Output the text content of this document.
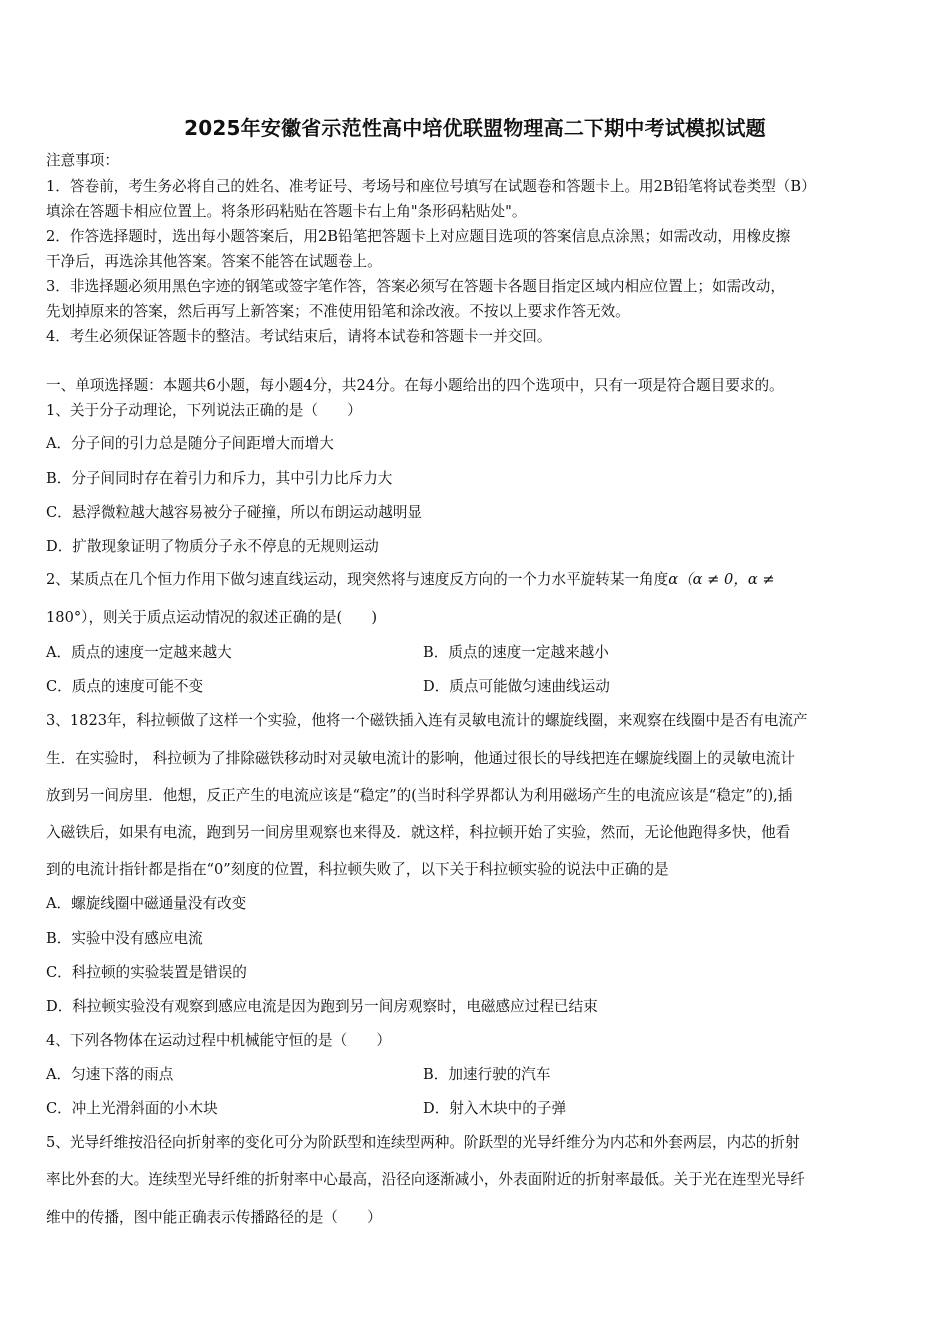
2025年安徽省示范性高中培优联盟物理高二下期中考试模拟试题
注意事项：
1．答卷前，考生务必将自己的姓名、准考证号、考场号和座位号填写在试题卷和答题卡上。用2B铅笔将试卷类型（B）
填涂在答题卡相应位置上。将条形码粘贴在答题卡右上角"条形码粘贴处"。
2．作答选择题时，选出每小题答案后，用2B铅笔把答题卡上对应题目选项的答案信息点涂黑；如需改动，用橡皮擦
干净后，再选涂其他答案。答案不能答在试题卷上。
3．非选择题必须用黑色字迹的钢笔或签字笔作答，答案必须写在答题卡各题目指定区域内相应位置上；如需改动，
先划掉原来的答案，然后再写上新答案；不准使用铅笔和涂改液。不按以上要求作答无效。
4．考生必须保证答题卡的整洁。考试结束后，请将本试卷和答题卡一并交回。
一、单项选择题：本题共6小题，每小题4分，共24分。在每小题给出的四个选项中，只有一项是符合题目要求的。
1、关于分子动理论，下列说法正确的是（　　）
A．分子间的引力总是随分子间距增大而增大
B．分子间同时存在着引力和斥力，其中引力比斥力大
C．悬浮微粒越大越容易被分子碰撞，所以布朗运动越明显
D．扩散现象证明了物质分子永不停息的无规则运动
2、某质点在几个恒力作用下做匀速直线运动，现突然将与速度反方向的一个力水平旋转某一角度α（α ≠ 0，α ≠
180°），则关于质点运动情况的叙述正确的是(　　)
A．质点的速度一定越来越大	B．质点的速度一定越来越小
C．质点的速度可能不变	D．质点可能做匀速曲线运动
3、1823年，科拉顿做了这样一个实验，他将一个磁铁插入连有灵敏电流计的螺旋线圈，来观察在线圈中是否有电流产
生．在实验时， 科拉顿为了排除磁铁移动时对灵敏电流计的影响，他通过很长的导线把连在螺旋线圈上的灵敏电流计
放到另一间房里．他想，反正产生的电流应该是“稳定”的(当时科学界都认为利用磁场产生的电流应该是“稳定”的),插
入磁铁后，如果有电流，跑到另一间房里观察也来得及．就这样，科拉顿开始了实验，然而，无论他跑得多快，他看
到的电流计指针都是指在“0”刻度的位置，科拉顿失败了，以下关于科拉顿实验的说法中正确的是
A．螺旋线圈中磁通量没有改变
B．实验中没有感应电流
C．科拉顿的实验装置是错误的
D．科拉顿实验没有观察到感应电流是因为跑到另一间房观察时，电磁感应过程已结束
4、下列各物体在运动过程中机械能守恒的是（　　）
A．匀速下落的雨点	B．加速行驶的汽车
C．冲上光滑斜面的小木块	D．射入木块中的子弹
5、光导纤维按沿径向折射率的变化可分为阶跃型和连续型两种。阶跃型的光导纤维分为内芯和外套两层，内芯的折射
率比外套的大。连续型光导纤维的折射率中心最高，沿径向逐渐减小，外表面附近的折射率最低。关于光在连型光导纤
维中的传播，图中能正确表示传播路径的是（　　）
